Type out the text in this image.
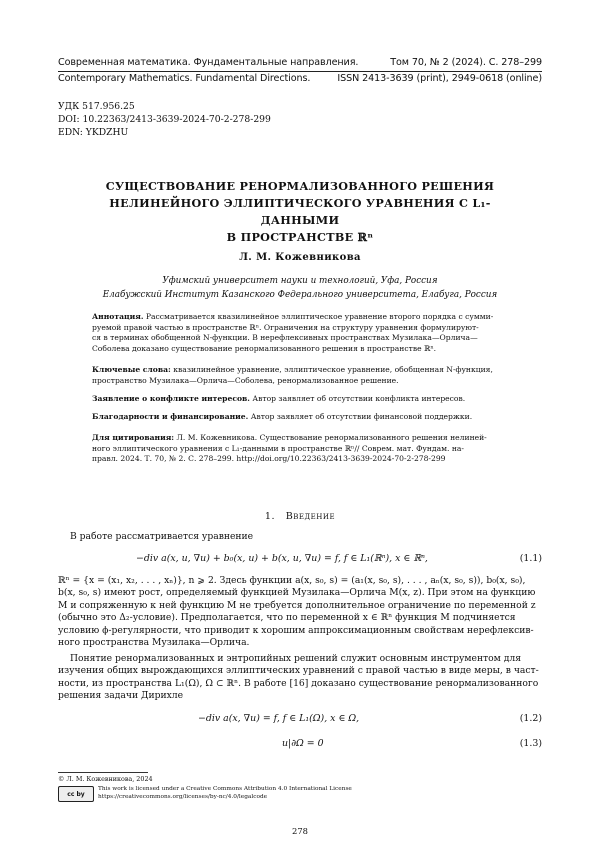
Современная математика. Фундаментальные направления.	Том 70, № 2 (2024). С. 278–299
Contemporary Mathematics. Fundamental Directions.	ISSN 2413-3639 (print), 2949-0618 (online)
УДК 517.956.25
DOI: 10.22363/2413-3639-2024-70-2-278-299
EDN: YKDZHU
СУЩЕСТВОВАНИЕ РЕНОРМАЛИЗОВАННОГО РЕШЕНИЯ
НЕЛИНЕЙНОГО ЭЛЛИПТИЧЕСКОГО УРАВНЕНИЯ С L₁-ДАННЫМИ
В ПРОСТРАНСТВЕ ℝⁿ
Л. М. Кожевникова
Уфимский университет науки и технологий, Уфа, Россия
Елабужский Институт Казанского Федерального университета, Елабуга, Россия
Аннотация. Рассматривается квазилинейное эллиптическое уравнение второго порядка с сумми-
руемой правой частью в пространстве ℝⁿ. Ограничения на структуру уравнения формулируют-
ся в терминах обобщенной N-функции. В нерефлексивных пространствах Музилака—Орлича—
Соболева доказано существование ренормализованного решения в пространстве ℝⁿ.
Ключевые слова: квазилинейное уравнение, эллиптическое уравнение, обобщенная N-функция,
пространство Музилака—Орлича—Соболева, ренормализованное решение.
Заявление о конфликте интересов. Автор заявляет об отсутствии конфликта интересов.
Благодарности и финансирование. Автор заявляет об отсутствии финансовой поддержки.
Для цитирования: Л. М. Кожевникова. Существование ренормализованного решения нелиней-
ного эллиптического уравнения с L₁-данными в пространстве ℝⁿ// Соврем. мат. Фундам. на-
правл. 2024. Т. 70, № 2. С. 278–299. http://doi.org/10.22363/2413-3639-2024-70-2-278-299
1. Введение
В работе рассматривается уравнение
−div a(x, u, ∇u) + b₀(x, u) + b(x, u, ∇u) = f, f ∈ L₁(ℝⁿ), x ∈ ℝⁿ,	(1.1)
ℝⁿ = {x = (x₁, x₂, . . . , xₙ)}, n ⩾ 2. Здесь функции a(x, s₀, s) = (a₁(x, s₀, s), . . . , aₙ(x, s₀, s)), b₀(x, s₀),
b(x, s₀, s) имеют рост, определяемый функцией Музилака—Орлича M(x, z). При этом на функцию
M и сопряженную к ней функцию M̄ не требуется дополнительное ограничение по переменной z
(обычно это Δ₂-условие). Предполагается, что по переменной x ∈ ℝⁿ функция M подчиняется
условию ϕ-регулярности, что приводит к хорошим аппроксимационным свойствам нерефлексив-
ного пространства Музилака—Орлича.
Понятие ренормализованных и энтропийных решений служит основным инструментом для
изучения общих вырождающихся эллиптических уравнений с правой частью в виде меры, в част-
ности, из пространства L₁(Ω), Ω ⊂ ℝⁿ. В работе [16] доказано существование ренормализованного
решения задачи Дирихле
−div a(x, ∇u) = f, f ∈ L₁(Ω), x ∈ Ω,	(1.2)
u|∂Ω = 0	(1.3)
© Л. М. Кожевникова, 2024
cc by
This work is licensed under a Creative Commons Attribution 4.0 International License
https://creativecommons.org/licenses/by-nc/4.0/legalcode
278
